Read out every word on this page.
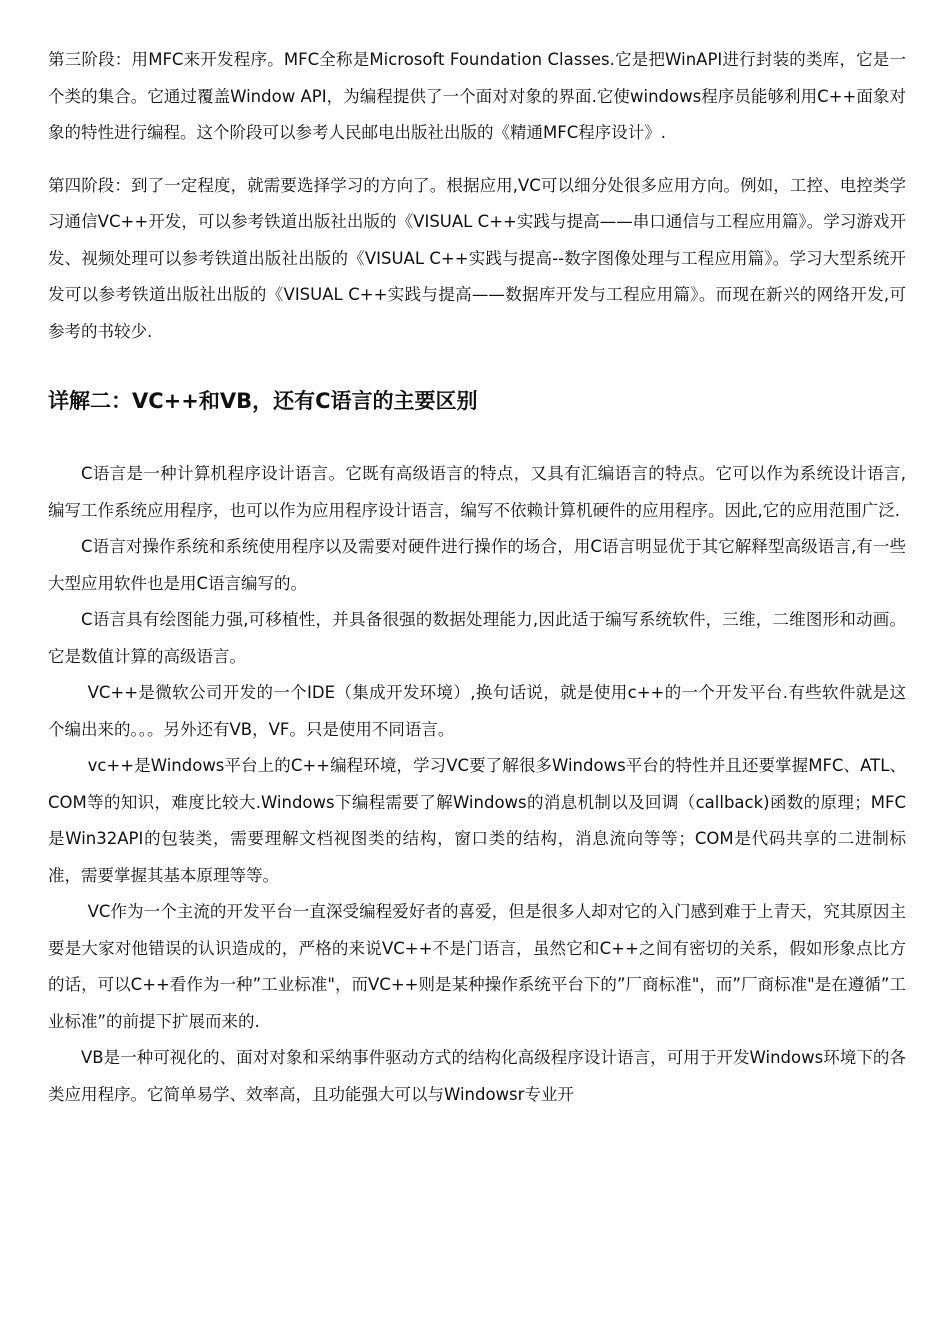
第三阶段：用MFC来开发程序。MFC全称是Microsoft Foundation Classes.它是把WinAPI进行封装的类库，它是一个类的集合。它通过覆盖Window API，为编程提供了一个面对对象的界面.它使windows程序员能够利用C++面象对象的特性进行编程。这个阶段可以参考人民邮电出版社出版的《精通MFC程序设计》.

第四阶段：到了一定程度，就需要选择学习的方向了。根据应用,VC可以细分处很多应用方向。例如，工控、电控类学习通信VC++开发，可以参考铁道出版社出版的《VISUAL C++实践与提高——串口通信与工程应用篇》。学习游戏开发、视频处理可以参考铁道出版社出版的《VISUAL C++实践与提高--数字图像处理与工程应用篇》。学习大型系统开发可以参考铁道出版社出版的《VISUAL C++实践与提高——数据库开发与工程应用篇》。而现在新兴的网络开发,可参考的书较少.

详解二：VC++和VB，还有C语言的主要区别

C语言是一种计算机程序设计语言。它既有高级语言的特点，又具有汇编语言的特点。它可以作为系统设计语言,编写工作系统应用程序，也可以作为应用程序设计语言，编写不依赖计算机硬件的应用程序。因此,它的应用范围广泛.

C语言对操作系统和系统使用程序以及需要对硬件进行操作的场合，用C语言明显优于其它解释型高级语言,有一些大型应用软件也是用C语言编写的。

C语言具有绘图能力强,可移植性，并具备很强的数据处理能力,因此适于编写系统软件，三维，二维图形和动画。它是数值计算的高级语言。

VC++是微软公司开发的一个IDE（集成开发环境）,换句话说，就是使用c++的一个开发平台.有些软件就是这个编出来的。。。另外还有VB，VF。只是使用不同语言。

vc++是Windows平台上的C++编程环境，学习VC要了解很多Windows平台的特性并且还要掌握MFC、ATL、COM等的知识，难度比较大.Windows下编程需要了解Windows的消息机制以及回调（callback)函数的原理；MFC是Win32API的包装类，需要理解文档视图类的结构，窗口类的结构，消息流向等等；COM是代码共享的二进制标准，需要掌握其基本原理等等。

VC作为一个主流的开发平台一直深受编程爱好者的喜爱，但是很多人却对它的入门感到难于上青天，究其原因主要是大家对他错误的认识造成的，严格的来说VC++不是门语言，虽然它和C++之间有密切的关系，假如形象点比方的话，可以C++看作为一种”工业标准"，而VC++则是某种操作系统平台下的”厂商标准"，而”厂商标准"是在遵循”工业标准”的前提下扩展而来的.

VB是一种可视化的、面对对象和采纳事件驱动方式的结构化高级程序设计语言，可用于开发Windows环境下的各类应用程序。它简单易学、效率高，且功能强大可以与Windowsr专业开
